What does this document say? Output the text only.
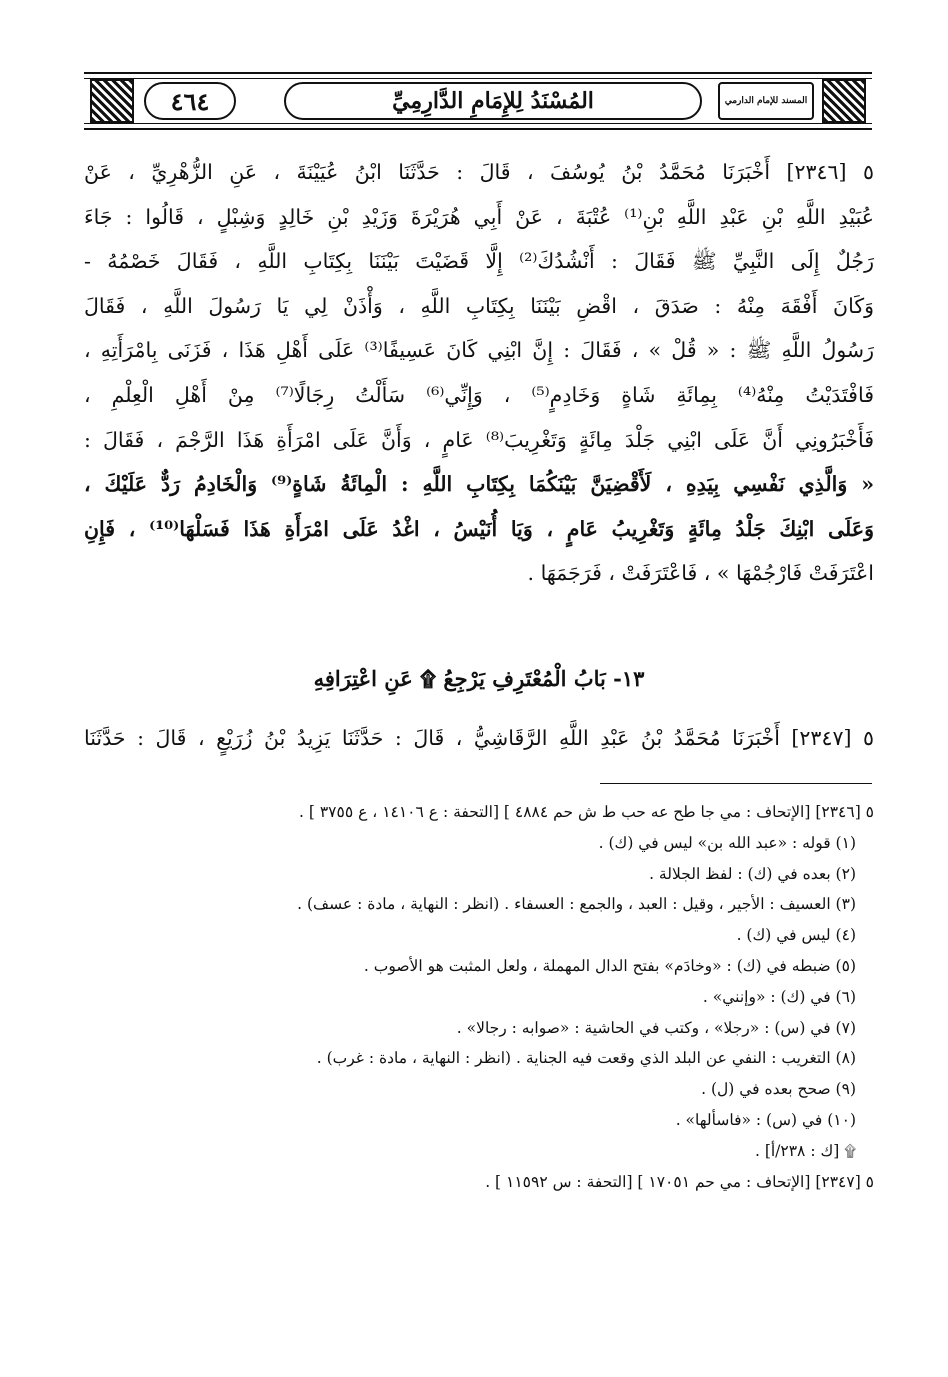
٤٦٤	المُسْنَدُ لِلإِمَامِ الدَّارِمِيِّ	المسند للإمام الدارمي
٥ [٢٣٤٦] أَخْبَرَنَا مُحَمَّدُ بْنُ يُوسُفَ ، قَالَ : حَدَّثَنَا ابْنُ عُيَيْنَةَ ، عَنِ الزُّهْرِيِّ ، عَنْ
عُبَيْدِ اللَّهِ بْنِ عَبْدِ اللَّهِ بْنِ⁽¹⁾ عُتْبَةَ ، عَنْ أَبِي هُرَيْرَةَ وَزَيْدِ بْنِ خَالِدٍ وَشِبْلٍ ، قَالُوا : جَاءَ
رَجُلٌ إِلَى النَّبِيِّ ﷺ فَقَالَ : أَنْشُدُكَ⁽²⁾ إِلَّا قَضَيْتَ بَيْنَنَا بِكِتَابِ اللَّهِ ، فَقَالَ خَصْمُهُ -
وَكَانَ أَفْقَهَ مِنْهُ : صَدَقَ ، اقْضِ بَيْنَنَا بِكِتَابِ اللَّهِ ، وَأْذَنْ لِي يَا رَسُولَ اللَّهِ ، فَقَالَ
رَسُولُ اللَّهِ ﷺ : « قُلْ » ، فَقَالَ : إِنَّ ابْنِي كَانَ عَسِيفًا⁽³⁾ عَلَى أَهْلِ هَذَا ، فَزَنَى بِامْرَأَتِهِ ،
فَافْتَدَيْتُ مِنْهُ⁽⁴⁾ بِمِائَةِ شَاةٍ وَخَادِمٍ⁽⁵⁾ ، وَإِنِّي⁽⁶⁾ سَأَلْتُ رِجَالًا⁽⁷⁾ مِنْ أَهْلِ الْعِلْمِ ،
فَأَخْبَرُونِي أَنَّ عَلَى ابْنِي جَلْدَ مِائَةٍ وَتَغْرِيبَ⁽⁸⁾ عَامٍ ، وَأَنَّ عَلَى امْرَأَةِ هَذَا الرَّجْمَ ، فَقَالَ :
« وَالَّذِي نَفْسِي بِيَدِهِ ، لَأَقْضِيَنَّ بَيْنَكُمَا بِكِتَابِ اللَّهِ : الْمِائَةُ شَاةٍ⁽⁹⁾ وَالْخَادِمُ رَدٌّ عَلَيْكَ ،
وَعَلَى ابْنِكَ جَلْدُ مِائَةٍ وَتَغْرِيبُ عَامٍ ، وَيَا أُنَيْسُ ، اغْدُ عَلَى امْرَأَةِ هَذَا فَسَلْهَا⁽¹⁰⁾ ، فَإِنِ
اعْتَرَفَتْ فَارْجُمْهَا » ، فَاعْتَرَفَتْ ، فَرَجَمَهَا .
١٣- بَابُ الْمُعْتَرِفِ يَرْجِعُ ۩ عَنِ اعْتِرَافِهِ
٥ [٢٣٤٧] أَخْبَرَنَا مُحَمَّدُ بْنُ عَبْدِ اللَّهِ الرَّقَاشِيُّ ، قَالَ : حَدَّثَنَا يَزِيدُ بْنُ زُرَيْعٍ ، قَالَ : حَدَّثَنَا
٥ [٢٣٤٦] [الإتحاف : مي جا طح عه حب ط ش حم ٤٨٨٤ ] [التحفة : ع ١٤١٠٦ ، ع ٣٧٥٥ ] .
(١) قوله : «عبد الله بن» ليس في (ك) .
(٢) بعده في (ك) : لفظ الجلالة .
(٣) العسيف : الأجير ، وقيل : العبد ، والجمع : العسفاء . (انظر : النهاية ، مادة : عسف) .
(٤) ليس في (ك) .
(٥) ضبطه في (ك) : «وخادَم» بفتح الدال المهملة ، ولعل المثبت هو الأصوب .
(٦) في (ك) : «وإنني» .
(٧) في (س) : «رجلا» ، وكتب في الحاشية : «صوابه : رجالا» .
(٨) التغريب : النفي عن البلد الذي وقعت فيه الجناية . (انظر : النهاية ، مادة : غرب) .
(٩) صحح بعده في (ل) .
(١٠) في (س) : «فاسألها» .
۩ [ك : ٢٣٨/أ] .
٥ [٢٣٤٧] [الإتحاف : مي حم ١٧٠٥١ ] [التحفة : س ١١٥٩٢ ] .
